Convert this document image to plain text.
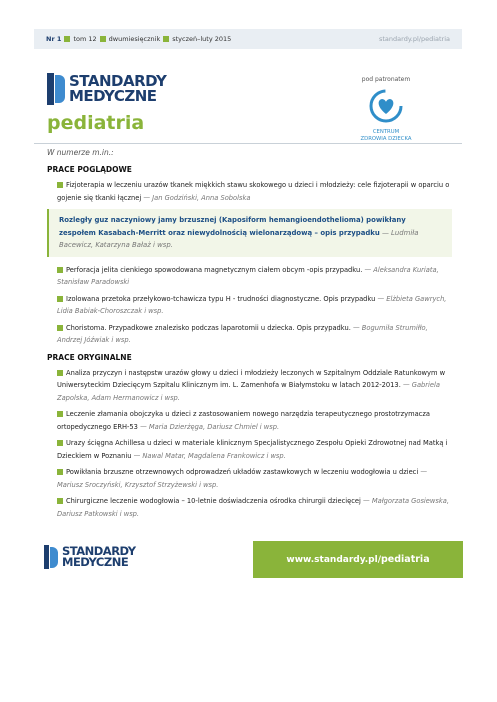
Nr 1 tom 12 dwumiesięcznik styczeń–luty 2015	standardy.pl/pediatria
STANDARDY
MEDYCZNE
pediatria
pod patronatem
CENTRUM
ZDROWIA DZIECKA
W numerze m.in.:
PRACE POGLĄDOWE
Fizjoterapia w leczeniu urazów tkanek miękkich stawu skokowego u dzieci i młodzieży: cele fizjoterapii w oparciu o gojenie się tkanki łącznej — Jan Godziński, Anna Sobolska
Rozległy guz naczyniowy jamy brzusznej (Kaposiform hemangioendothelioma) powikłany zespołem Kasabach-Merritt oraz niewydolnością wielonarządową – opis przypadku — Ludmiła Bacewicz, Katarzyna Bałaż i wsp.
Perforacja jelita cienkiego spowodowana magnetycznym ciałem obcym -opis przypadku. — Aleksandra Kuriata, Stanisław Paradowski
Izolowana przetoka przełykowo-tchawicza typu H - trudności diagnostyczne. Opis przypadku — Elżbieta Gawrych, Lidia Babiak-Choroszczak i wsp.
Choristoma. Przypadkowe znalezisko podczas laparotomii u dziecka. Opis przypadku. — Bogumiła Strumiłło, Andrzej Jóźwiak i wsp.
PRACE ORYGINALNE
Analiza przyczyn i następstw urazów głowy u dzieci i młodzieży leczonych w Szpitalnym Oddziale Ratunkowym w Uniwersyteckim Dziecięcym Szpitalu Klinicznym im. L. Zamenhofa w Białymstoku w latach 2012-2013. — Gabriela Zapolska, Adam Hermanowicz i wsp.
Leczenie złamania obojczyka u dzieci z zastosowaniem nowego narzędzia terapeutycznego prostotrzymacza ortopedycznego ERH-53 — Maria Dzierżęga, Dariusz Chmiel i wsp.
Urazy ścięgna Achillesa u dzieci w materiale klinicznym Specjalistycznego Zespołu Opieki Zdrowotnej nad Matką i Dzieckiem w Poznaniu — Nawal Matar, Magdalena Frankowicz i wsp.
Powikłania brzuszne otrzewnowych odprowadzeń układów zastawkowych w leczeniu wodogłowia u dzieci — Mariusz Sroczyński, Krzysztof Strzyżewski i wsp.
Chirurgiczne leczenie wodogłowia – 10-letnie doświadczenia ośrodka chirurgii dziecięcej — Małgorzata Gosiewska, Dariusz Patkowski i wsp.
STANDARDY
MEDYCZNE	www.standardy.pl/ pediatria
